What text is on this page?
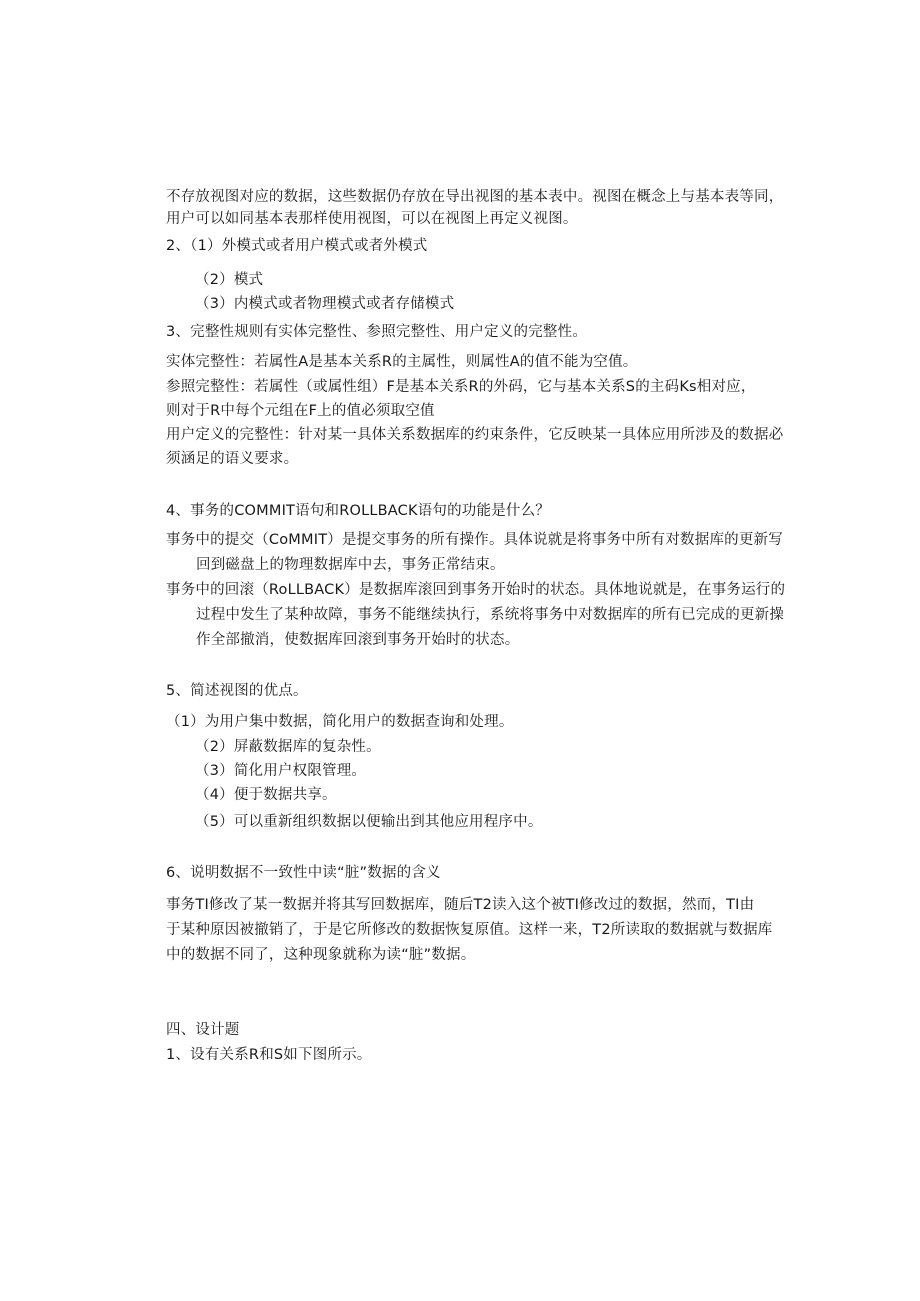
不存放视图对应的数据，这些数据仍存放在导出视图的基本表中。视图在概念上与基本表等同，
用户可以如同基本表那样使用视图，可以在视图上再定义视图。
2、（1）外模式或者用户模式或者外模式
（2）模式
（3）内模式或者物理模式或者存储模式
3、完整性规则有实体完整性、参照完整性、用户定义的完整性。
实体完整性：若属性A是基本关系R的主属性，则属性A的值不能为空值。
参照完整性：若属性（或属性组）F是基本关系R的外码，它与基本关系S的主码Ks相对应，
则对于R中每个元组在F上的值必须取空值
用户定义的完整性：针对某一具体关系数据库的约束条件，它反映某一具体应用所涉及的数据必
须涵足的语义要求。
4、事务的COMMIT语句和ROLLBACK语句的功能是什么？
事务中的提交（CoMMIT）是提交事务的所有操作。具体说就是将事务中所有对数据库的更新写
回到磁盘上的物理数据库中去，事务正常结束。
事务中的回滚（RoLLBACK）是数据库滚回到事务开始时的状态。具体地说就是，在事务运行的
过程中发生了某种故障，事务不能继续执行，系统将事务中对数据库的所有已完成的更新操
作全部撤消，使数据库回滚到事务开始时的状态。
5、简述视图的优点。
（1）为用户集中数据，简化用户的数据查询和处理。
（2）屏蔽数据库的复杂性。
（3）简化用户权限管理。
（4）便于数据共享。
（5）可以重新组织数据以便输出到其他应用程序中。
6、说明数据不一致性中读“脏”数据的含义
事务TI修改了某一数据并将其写回数据库，随后T2读入这个被TI修改过的数据，然而，TI由
于某种原因被撤销了，于是它所修改的数据恢复原值。这样一来，T2所读取的数据就与数据库
中的数据不同了，这种现象就称为读“脏”数据。
四、设计题
1、设有关系R和S如下图所示。
